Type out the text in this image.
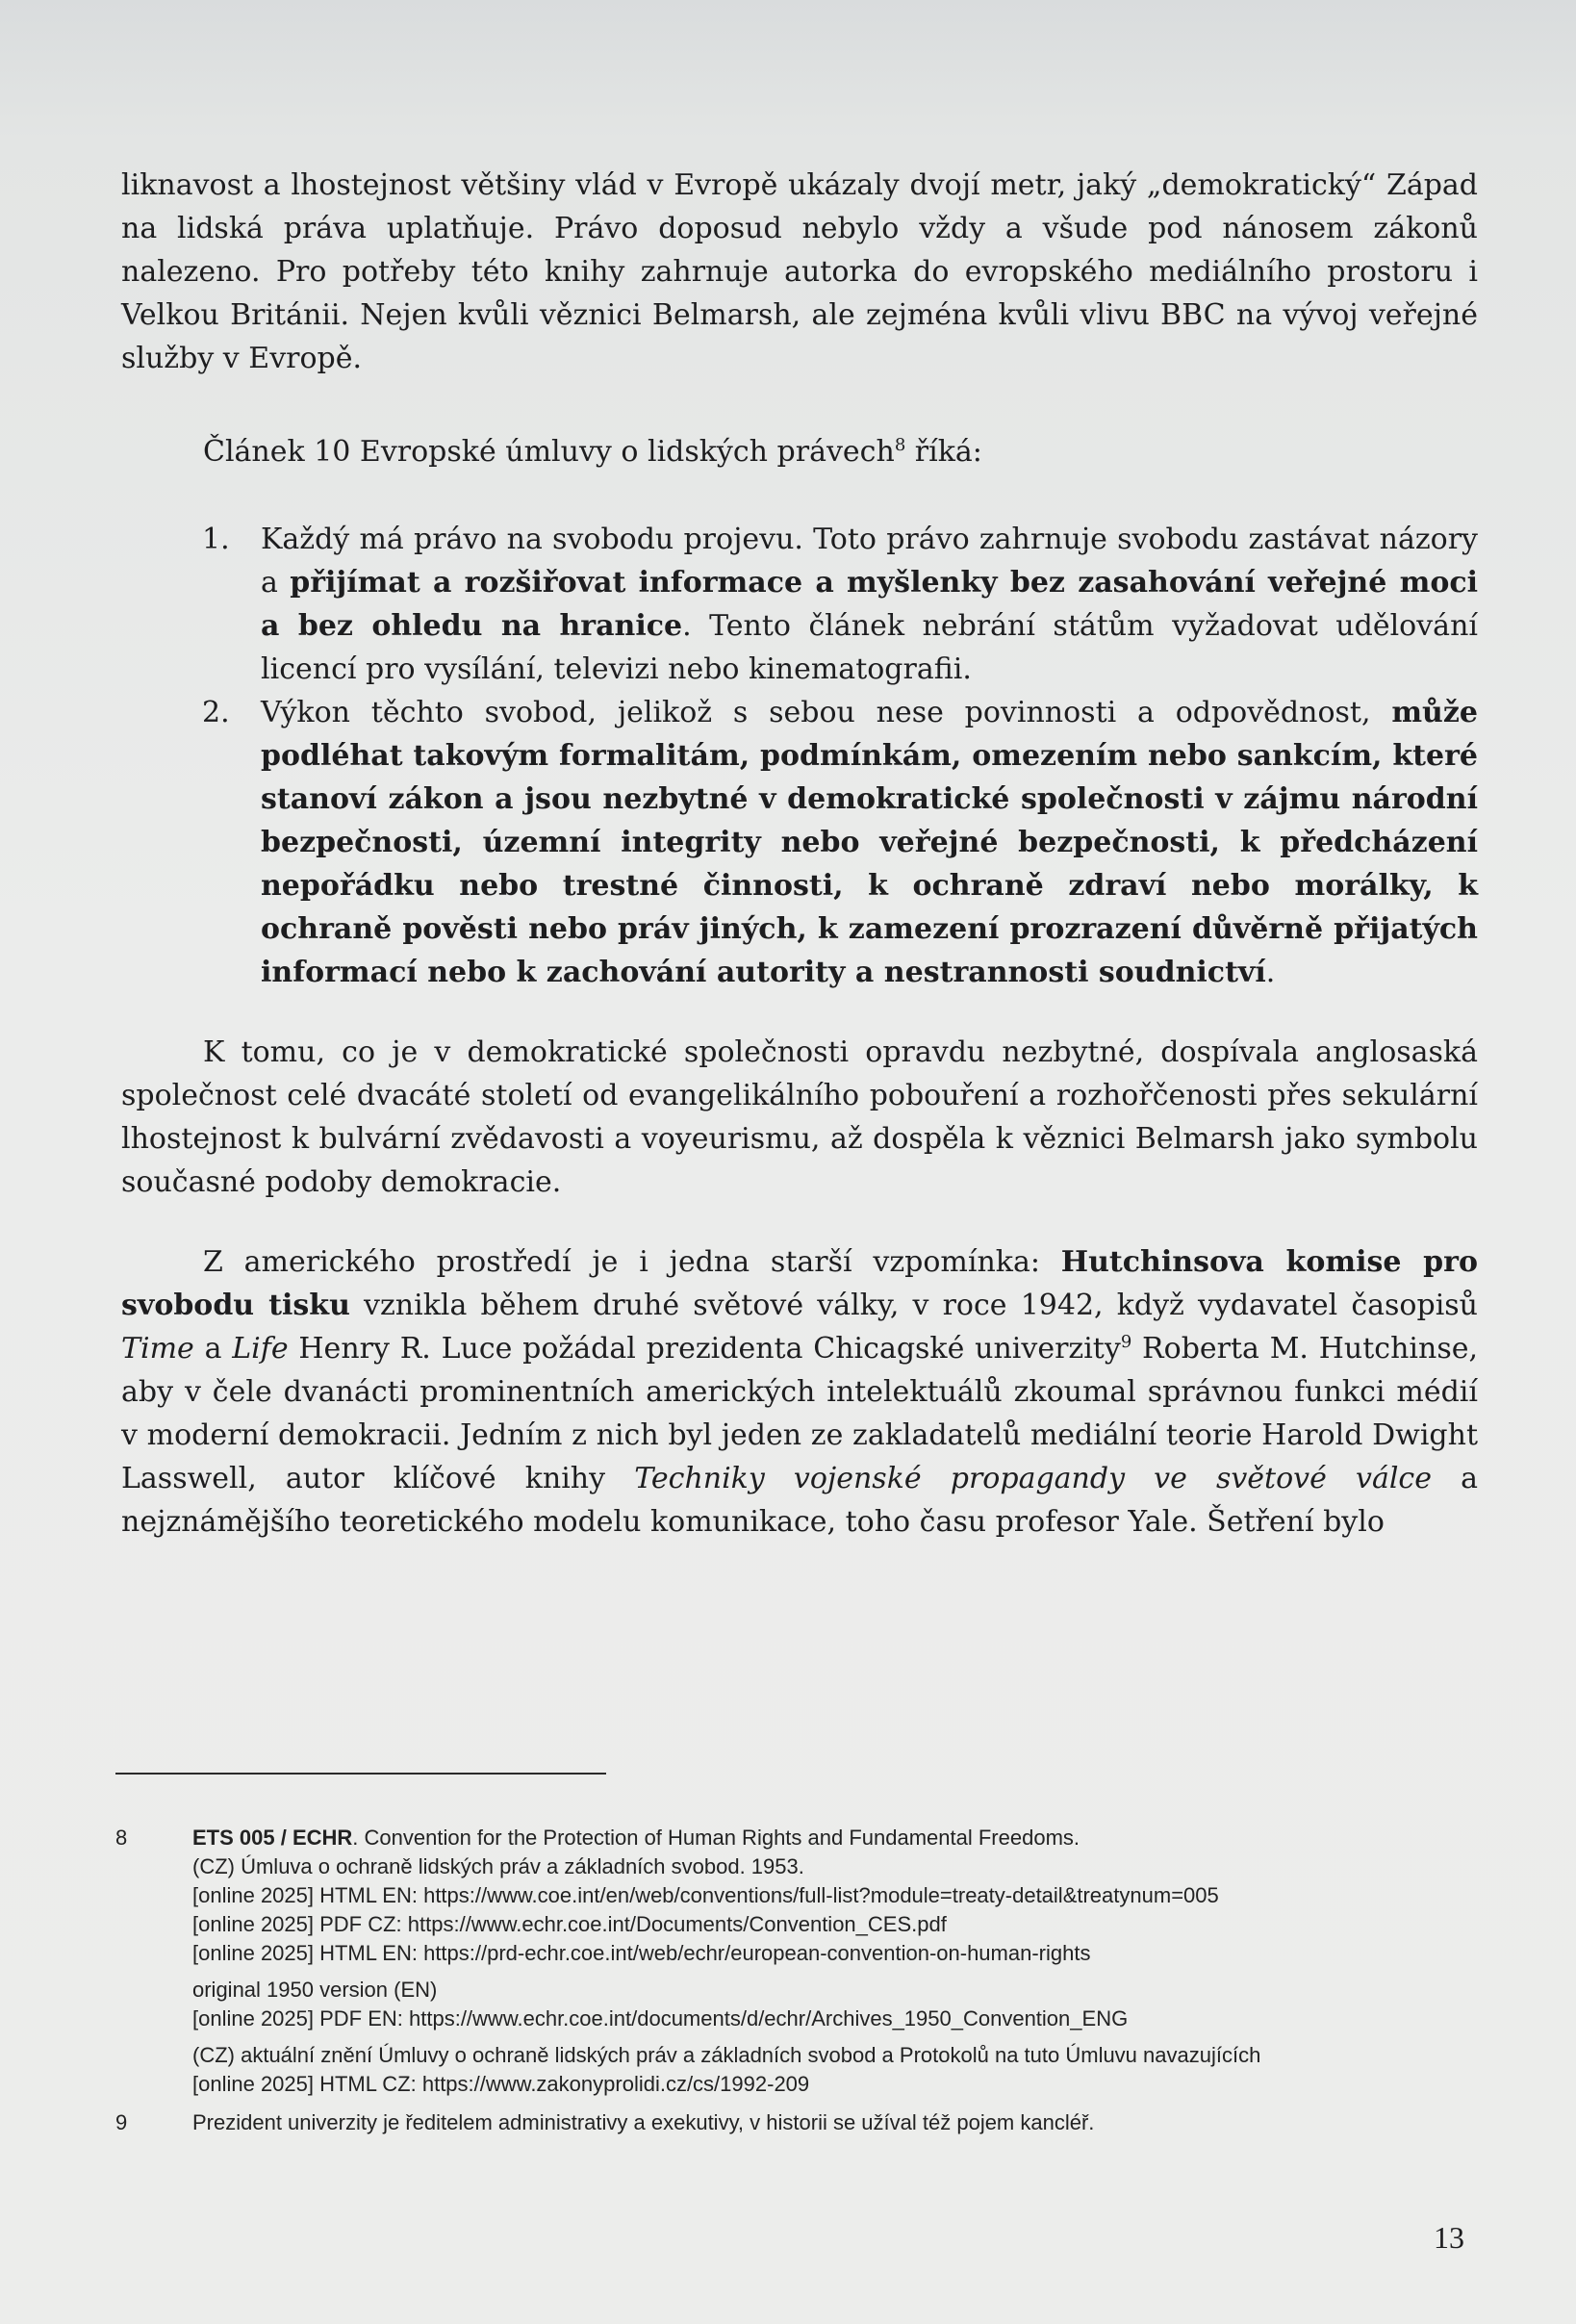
liknavost a lhostejnost většiny vlád v Evropě ukázaly dvojí metr, jaký „demokratický“ Západ na lidská práva uplatňuje. Právo doposud nebylo vždy a všude pod nánosem zákonů nalezeno. Pro potřeby této knihy zahrnuje autorka do evropského mediálního prostoru i Velkou Británii. Nejen kvůli věznici Belmarsh, ale zejména kvůli vlivu BBC na vývoj veřejné služby v Evropě.

Článek 10 Evropské úmluvy o lidských právech$^8$ říká:

1. Každý má právo na svobodu projevu. Toto právo zahrnuje svobodu zastávat názory a přijímat a rozšiřovat informace a myšlenky bez zasahování veřejné moci a bez ohledu na hranice. Tento článek nebrání státům vyžadovat udělování licencí pro vysílání, televizi nebo kinematografii.
2. Výkon těchto svobod, jelikož s sebou nese povinnosti a odpovědnost, může podléhat takovým formalitám, podmínkám, omezením nebo sankcím, které stanoví zákon a jsou nezbytné v demokratické společnosti v zájmu národní bezpečnosti, územní integrity nebo veřejné bezpečnosti, k předcházení nepořádku nebo trestné činnosti, k ochraně zdraví nebo morálky, k ochraně pověsti nebo práv jiných, k zamezení prozrazení důvěrně přijatých informací nebo k zachování autority a nestrannosti soudnictví.

K tomu, co je v demokratické společnosti opravdu nezbytné, dospívala anglosaská společnost celé dvacáté století od evangelikálního pobouření a rozhořčenosti přes sekulární lhostejnost k bulvární zvědavosti a voyeurismu, až dospěla k věznici Belmarsh jako symbolu současné podoby demokracie.

Z amerického prostředí je i jedna starší vzpomínka: Hutchinsova komise pro svobodu tisku vznikla během druhé světové války, v roce 1942, když vydavatel časopisů Time a Life Henry R. Luce požádal prezidenta Chicagské univerzity$^9$ Roberta M. Hutchinse, aby v čele dvanácti prominentních amerických intelektuálů zkoumal správnou funkci médií v moderní demokracii. Jedním z nich byl jeden ze zakladatelů mediální teorie Harold Dwight Lasswell, autor klíčové knihy Techniky vojenské propagandy ve světové válce a nejznámějšího teoretického modelu komunikace, toho času profesor Yale. Šetření bylo

8	ETS 005 / ECHR. Convention for the Protection of Human Rights and Fundamental Freedoms.
(CZ) Úmluva o ochraně lidských práv a základních svobod. 1953.
[online 2025] HTML EN: https://www.coe.int/en/web/conventions/full-list?module=treaty-detail&treatynum=005
[online 2025] PDF CZ: https://www.echr.coe.int/Documents/Convention_CES.pdf
[online 2025] HTML EN: https://prd-echr.coe.int/web/echr/european-convention-on-human-rights
original 1950 version (EN)
[online 2025] PDF EN: https://www.echr.coe.int/documents/d/echr/Archives_1950_Convention_ENG
(CZ) aktuální znění Úmluvy o ochraně lidských práv a základních svobod a Protokolů na tuto Úmluvu navazujících
[online 2025] HTML CZ: https://www.zakonyprolidi.cz/cs/1992-209
9	Prezident univerzity je ředitelem administrativy a exekutivy, v historii se užíval též pojem kancléř.
13
